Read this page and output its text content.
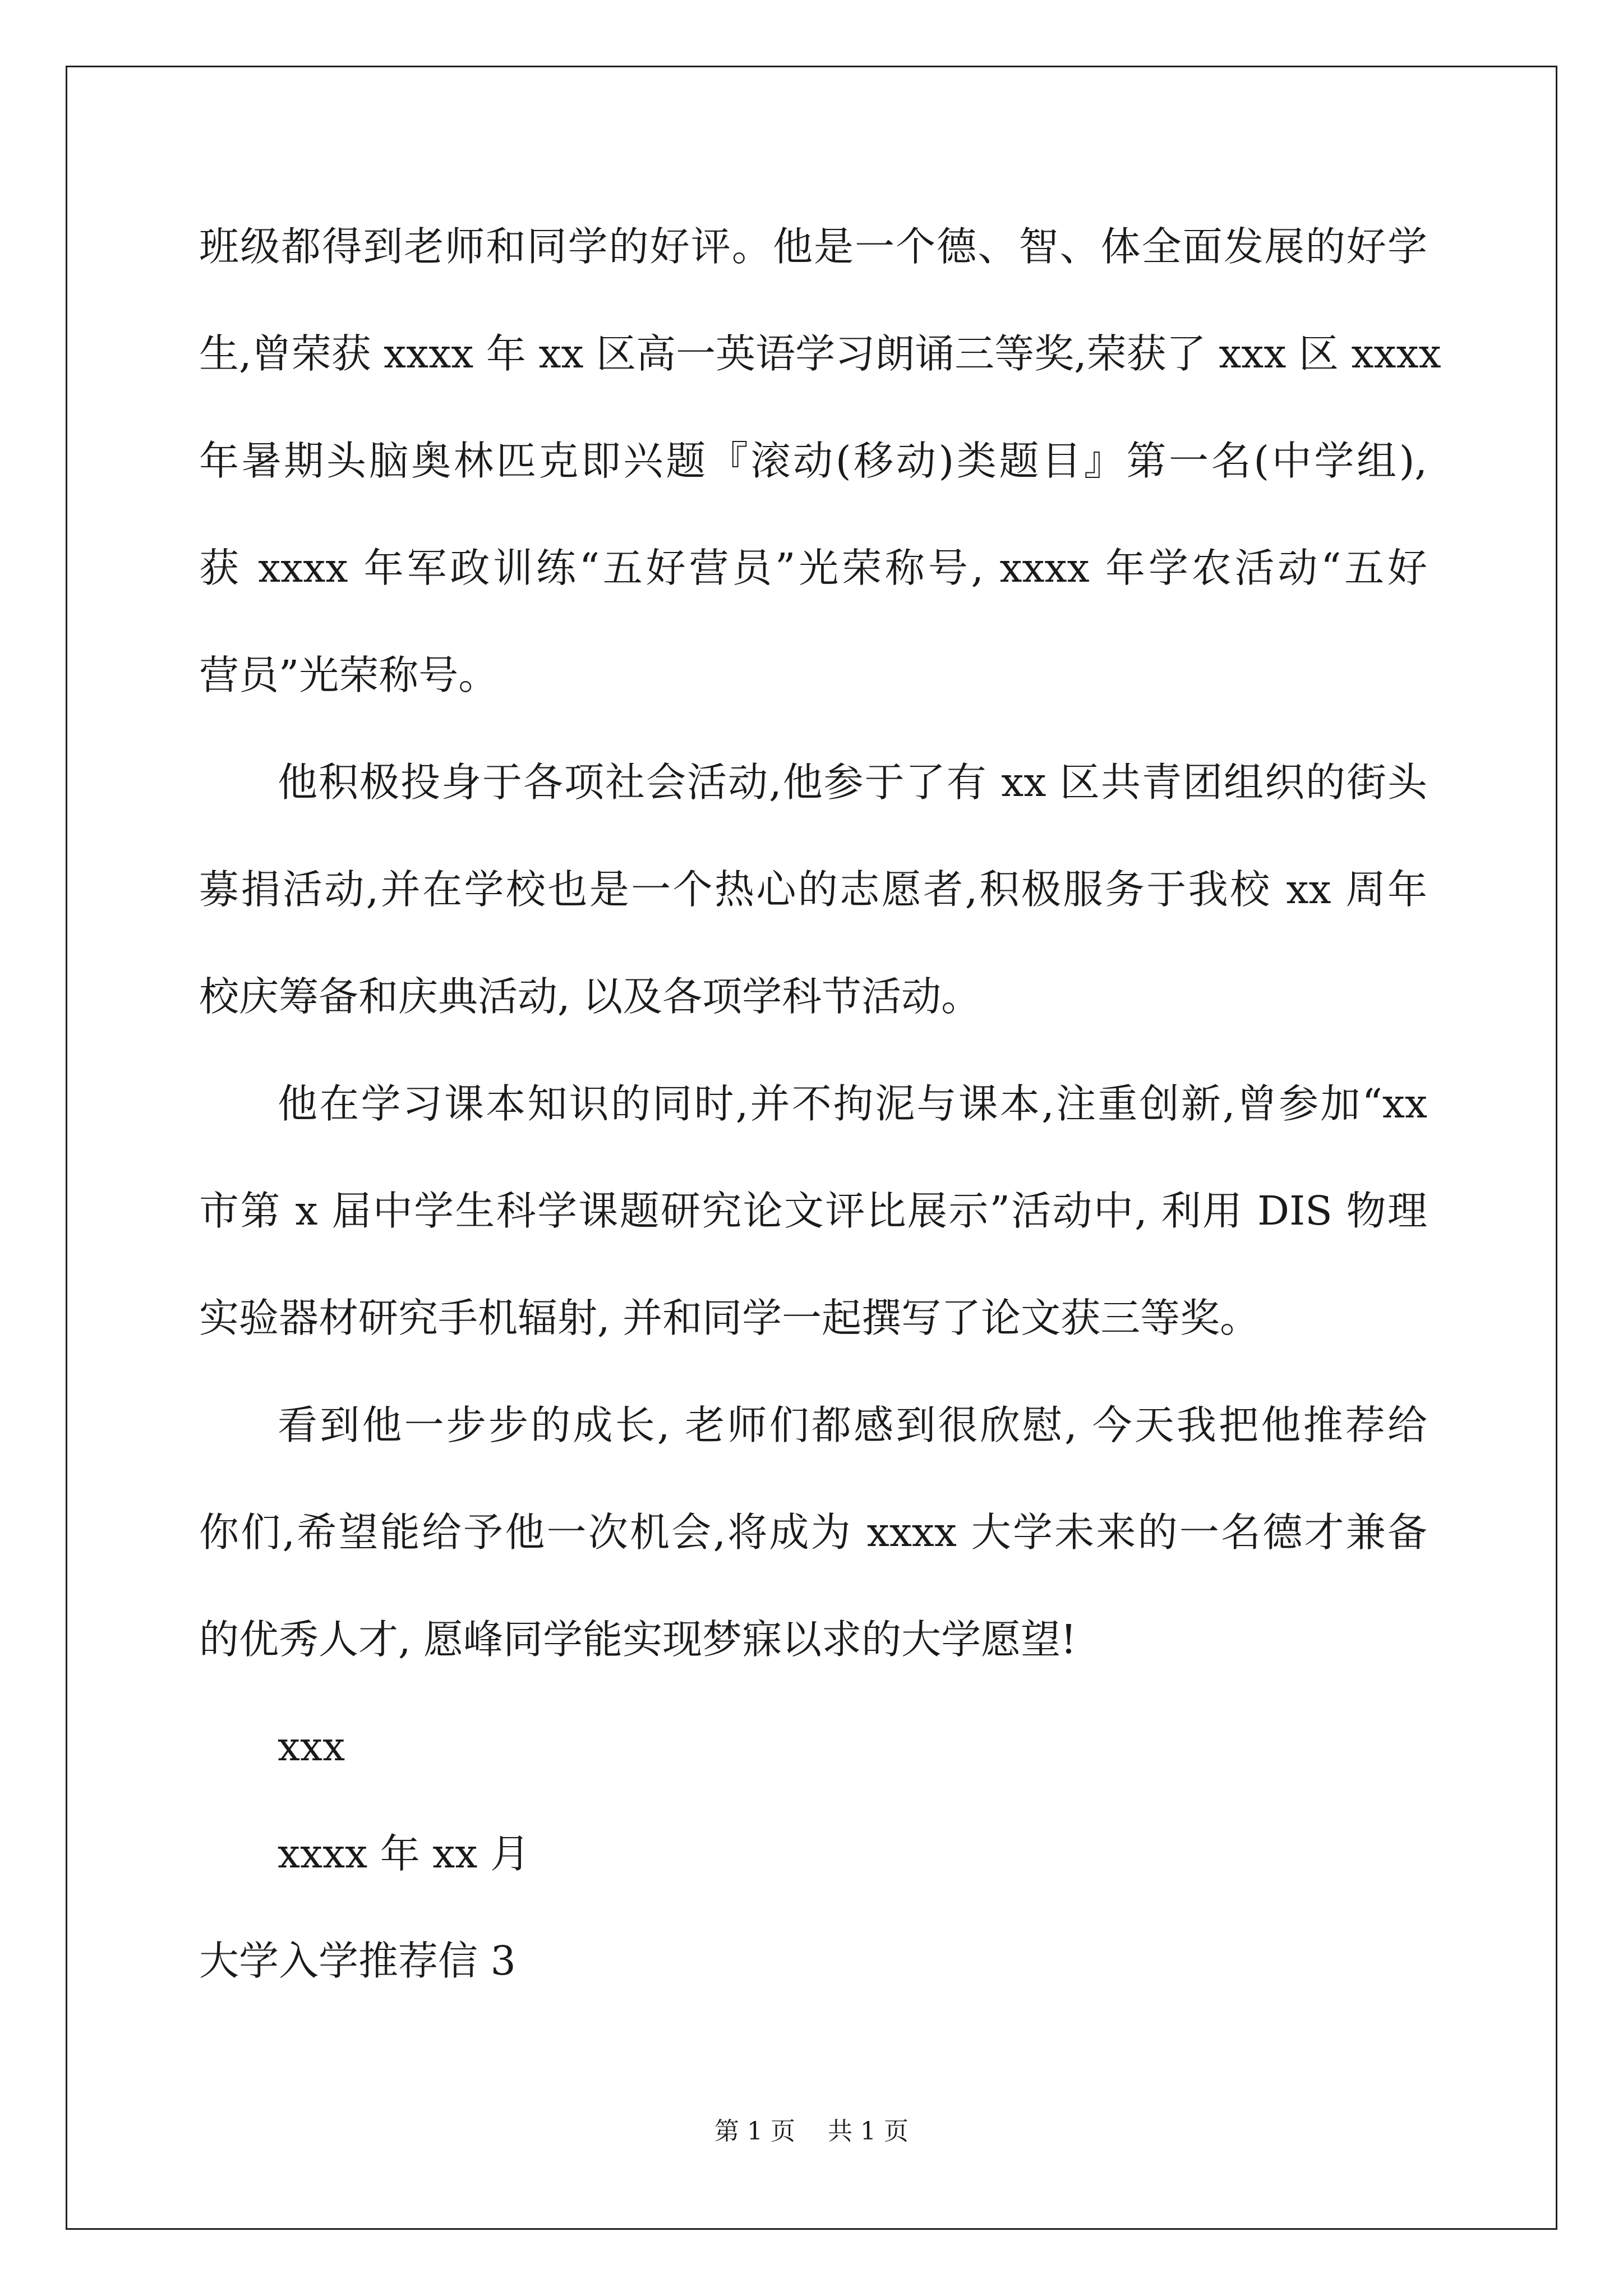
班级都得到老师和同学的好评。他是一个德、智、体全面发展的好学
生,曾荣获 xxxx 年 xx 区高一英语学习朗诵三等奖,荣获了 xxx 区 xxxx
年暑期头脑奥林匹克即兴题『滚动(移动)类题目』第一名(中学组),
获 xxxx 年军政训练“五好营员”光荣称号, xxxx 年学农活动“五好
营员”光荣称号。
他积极投身于各项社会活动,他参于了有 xx 区共青团组织的街头
募捐活动,并在学校也是一个热心的志愿者,积极服务于我校 xx 周年
校庆筹备和庆典活动, 以及各项学科节活动。
他在学习课本知识的同时,并不拘泥与课本,注重创新,曾参加“xx
市第 x 届中学生科学课题研究论文评比展示”活动中, 利用 DIS 物理
实验器材研究手机辐射, 并和同学一起撰写了论文获三等奖。
看到他一步步的成长, 老师们都感到很欣慰, 今天我把他推荐给
你们,希望能给予他一次机会,将成为 xxxx 大学未来的一名德才兼备
的优秀人才, 愿峰同学能实现梦寐以求的大学愿望!
xxx
xxxx 年 xx 月
大学入学推荐信 3
第 1 页　 共 1 页
